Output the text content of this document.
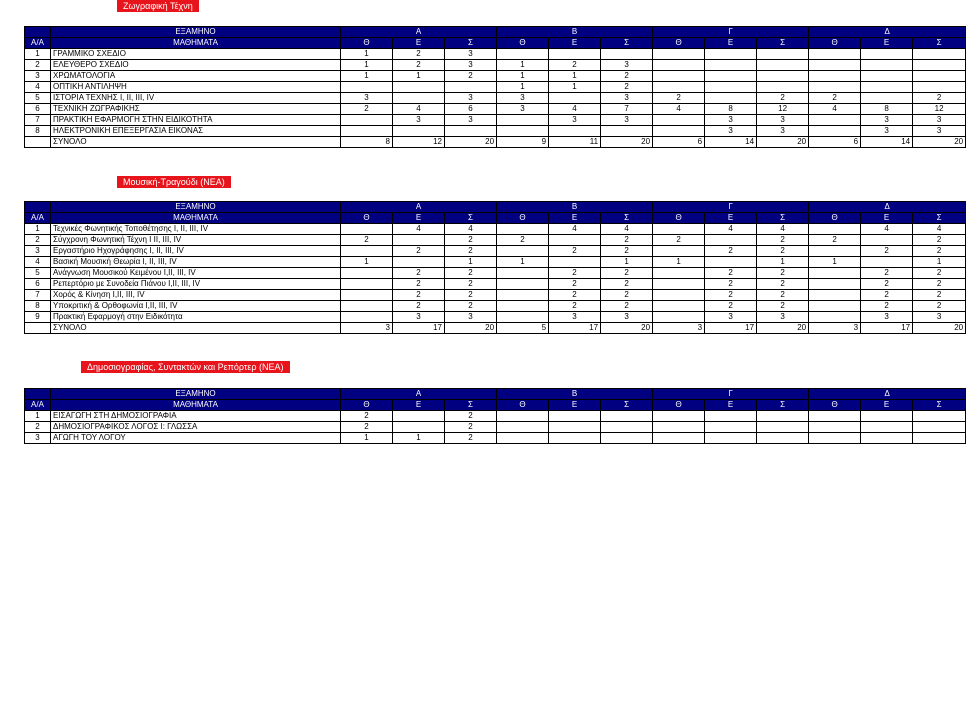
Ζωγραφική Τέχνη
	ΕΞΑΜΗΝΟ	Α			Β			Γ			Δ		
Α/Α	ΜΑΘΗΜΑΤΑ	Θ	Ε	Σ	Θ	Ε	Σ	Θ	Ε	Σ	Θ	Ε	Σ
1	ΓΡΑΜΜΙΚΟ ΣΧΕΔΙΟ	1	2	3									
2	ΕΛΕΥΘΕΡΟ ΣΧΕΔΙΟ	1	2	3	1	2	3						
3	ΧΡΩΜΑΤΟΛΟΓΙΑ	1	1	2	1	1	2						
4	ΟΠΤΙΚΗ ΑΝΤΙΛΗΨΗ				1	1	2						
5	ΙΣΤΟΡΙΑ ΤΕΧΝΗΣ I, II, III, IV	3		3	3		3	2		2	2		2
6	ΤΕΧΝΙΚΗ ΖΩΓΡΑΦΙΚΗΣ	2	4	6	3	4	7	4	8	12	4	8	12
7	ΠΡΑΚΤΙΚΗ ΕΦΑΡΜΟΓΗ ΣΤΗΝ ΕΙΔΙΚΟΤΗΤΑ		3	3		3	3		3	3		3	3
8	ΗΛΕΚΤΡΟΝΙΚΗ ΕΠΕΞΕΡΓΑΣΙΑ ΕΙΚΟΝΑΣ								3	3		3	3
	ΣΥΝΟΛΟ	8	12	20	9	11	20	6	14	20	6	14	20
Μουσική-Τραγούδι (ΝΕΑ)
	ΕΞΑΜΗΝΟ	Α			Β			Γ			Δ		
Α/Α	ΜΑΘΗΜΑΤΑ	Θ	Ε	Σ	Θ	Ε	Σ	Θ	Ε	Σ	Θ	Ε	Σ
1	Τεχνικές Φωνητικής Τοποθέτησης I, II, III, IV		4	4		4	4		4	4		4	4
2	Σύγχρονη Φωνητική Τέχνη I II, III, IV	2		2	2		2	2		2	2		2
3	Εργαστήριο Ηχογράφησης I, II, III, IV		2	2		2	2		2	2		2	2
4	Βασική Μουσική Θεωρία I, II, III, IV	1		1	1		1	1		1	1		1
5	Ανάγνωση Μουσικού Κειμένου I,II, III, IV		2	2		2	2		2	2		2	2
6	Ρεπερτόριο με Συνοδεία Πιάνου I,II, III, IV		2	2		2	2		2	2		2	2
7	Χορός & Κίνηση I,II, III, IV		2	2		2	2		2	2		2	2
8	Υποκριτική & Ορθοφωνία I,II, III, IV		2	2		2	2		2	2		2	2
9	Πρακτική Εφαρμογή στην Ειδικότητα		3	3		3	3		3	3		3	3
	ΣΥΝΟΛΟ	3	17	20	5	17	20	3	17	20	3	17	20
Δημοσιογραφίας, Συντακτών και Ρεπόρτερ (ΝΕΑ)
	ΕΞΑΜΗΝΟ	Α			Β			Γ			Δ		
Α/Α	ΜΑΘΗΜΑΤΑ	Θ	Ε	Σ	Θ	Ε	Σ	Θ	Ε	Σ	Θ	Ε	Σ
1	ΕΙΣΑΓΩΓΗ ΣΤΗ ΔΗΜΟΣΙΟΓΡΑΦΙΑ	2		2									
2	ΔΗΜΟΣΙΟΓΡΑΦΙΚΟΣ ΛΟΓΟΣ Ι: ΓΛΩΣΣΑ	2		2									
3	ΑΓΩΓΗ ΤΟΥ ΛΟΓΟΥ	1	1	2									
